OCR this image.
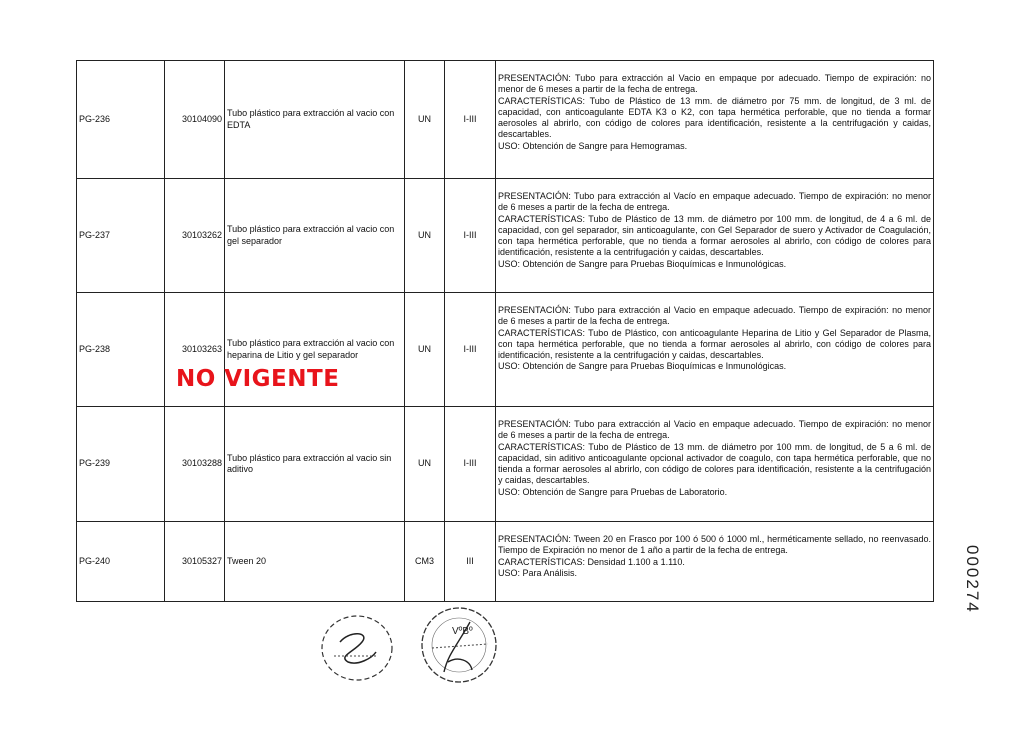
PG-236	30104090	Tubo plástico para extracción al vacio con EDTA	UN	I-III	PRESENTACIÓN: Tubo para extracción al Vacio en empaque por adecuado. Tiempo de expiración: no menor de 6 meses a partir de la fecha de entrega.

CARACTERÍSTICAS: Tubo de Plástico de 13 mm. de diámetro por 75 mm. de longitud, de 3 ml. de capacidad, con anticoagulante EDTA K3 o K2, con tapa hermética perforable, que no tienda a formar aerosoles al abrirlo, con código de colores para identificación, resistente a la centrifugación y caidas, descartables.

USO: Obtención de Sangre para Hemogramas.

PG-237	30103262	Tubo plástico para extracción al vacio con gel separador	UN	I-III	PRESENTACIÓN: Tubo para extracción al Vacío en empaque adecuado. Tiempo de expiración: no menor de 6 meses a partir de la fecha de entrega.

CARACTERÍSTICAS: Tubo de Plástico de 13 mm. de diámetro por 100 mm. de longitud, de 4 a 6 ml. de capacidad, con gel separador, sin anticoagulante, con Gel Separador de suero y Activador de Coagulación, con tapa hermética perforable, que no tienda a formar aerosoles al abrirlo, con código de colores para identificación, resistente a la centrifugación y caidas, descartables.

USO: Obtención de Sangre para Pruebas Bioquímicas e Inmunológicas.

PG-238	30103263	Tubo plástico para extracción al vacio con heparina de Litio y gel separador	UN	I-III	PRESENTACIÓN: Tubo para extracción al Vacio en empaque adecuado. Tiempo de expiración: no menor de 6 meses a partir de la fecha de entrega.

CARACTERÍSTICAS: Tubo de Plástico, con anticoagulante Heparina de Litio y Gel Separador de Plasma, con tapa hermética perforable, que no tienda a formar aerosoles al abrirlo, con código de colores para identificación, resistente a la centrifugación y caidas, descartables.

USO: Obtención de Sangre para Pruebas Bioquímicas e Inmunológicas.

PG-239	30103288	Tubo plástico para extracción al vacio sin aditivo	UN	I-III	PRESENTACIÓN: Tubo para extracción al Vacio en empaque adecuado. Tiempo de expiración: no menor de 6 meses a partir de la fecha de entrega.

CARACTERÍSTICAS: Tubo de Plástico de 13 mm. de diámetro por 100 mm. de longitud, de 5 a 6 ml. de capacidad, sin aditivo anticoagulante opcional activador de coagulo, con tapa hermética perforable, que no tienda a formar aerosoles al abrirlo, con código de colores para identificación, resistente a la centrifugación y caidas, descartables.

USO: Obtención de Sangre para Pruebas de Laboratorio.

PG-240	30105327	Tween 20	CM3	III	PRESENTACIÓN: Tween 20 en Frasco por 100 ó 500 ó 1000 ml., herméticamente sellado, no reenvasado. Tiempo de Expiración no menor de 1 año a partir de la fecha de entrega.

CARACTERÍSTICAS: Densidad 1.100 a 1.110.

USO: Para Análisis.

NO VIGENTE
000274
VºBº
